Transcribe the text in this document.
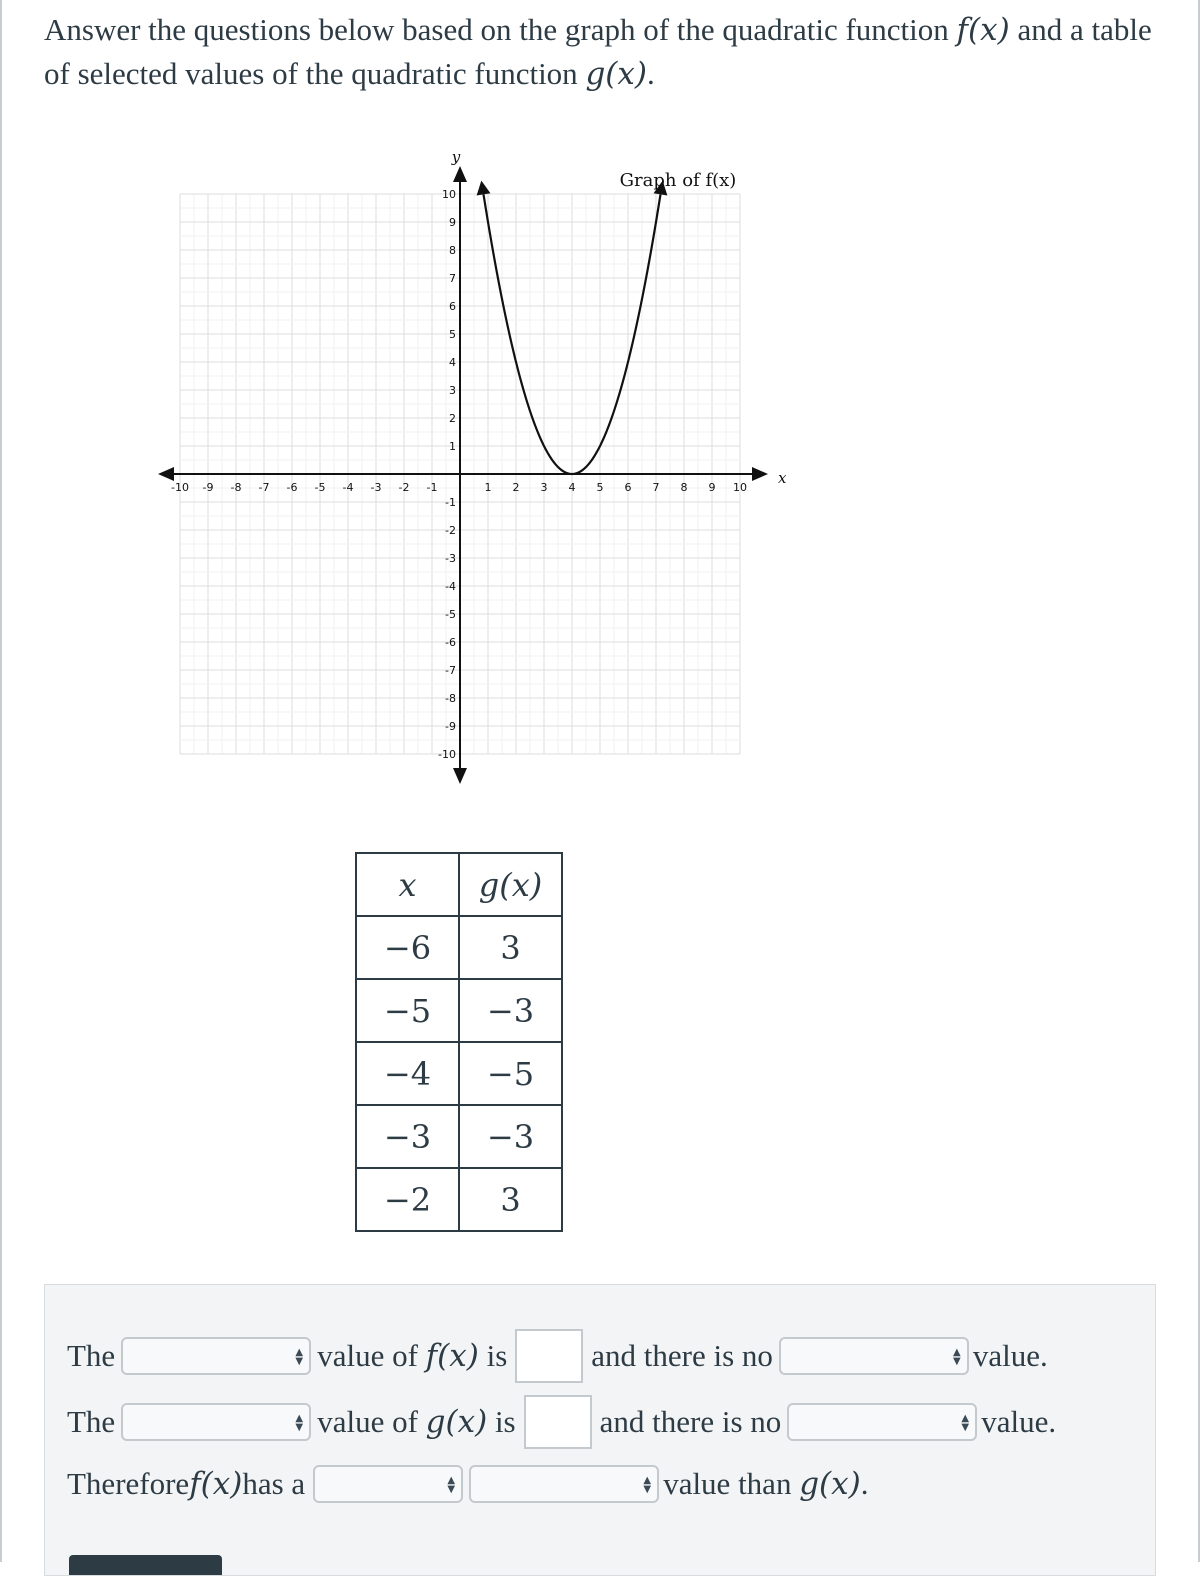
Answer the questions below based on the graph of the quadratic function f(x) and a table of selected values of the quadratic function g(x).
-10 -9 -8 -7 -6 -5 -4 -3 -2 -1	1 2 3 4 5 6 7 8 9 10
10
9
8
7
6
5
4
3
2
1
-1
-2
-3
-4
-5
-6
-7
-8
-9
-10
Graph of f(x)
x
y
x	g(x)
−6	3
−5	−3
−4	−5
−3	−3
−2	3
The	▲
▼ value of f(x) is	and there is no	▲
▼ value.
The	▲
▼ value of g(x) is	and there is no	▲
▼ value.
Therefore f(x) has a	▲
▼
▲
▼ value than g(x).
